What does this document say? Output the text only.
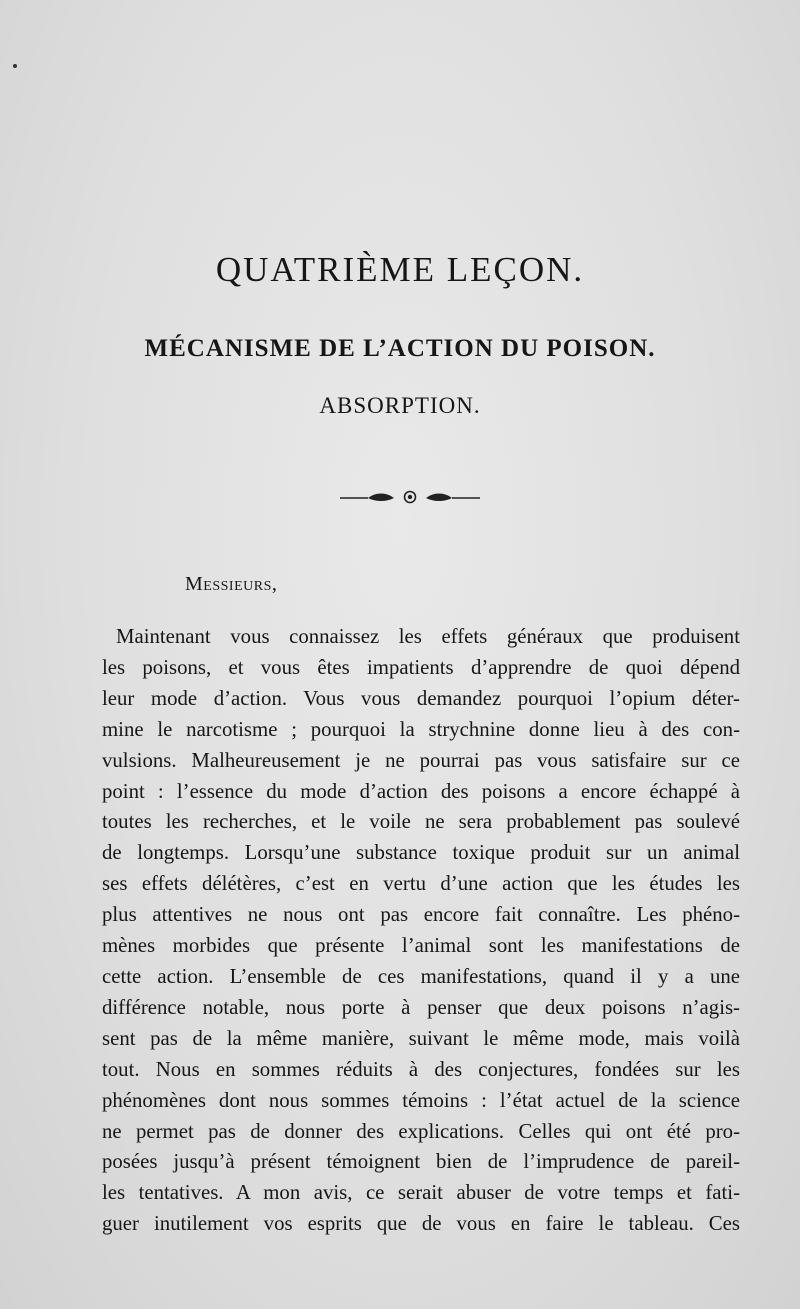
QUATRIÈME LEÇON.
MÉCANISME DE L’ACTION DU POISON.
ABSORPTION.
Messieurs,
Maintenant vous connaissez les effets généraux que produisent
les poisons, et vous êtes impatients d’apprendre de quoi dépend
leur mode d’action. Vous vous demandez pourquoi l’opium déter-
mine le narcotisme ; pourquoi la strychnine donne lieu à des con-
vulsions. Malheureusement je ne pourrai pas vous satisfaire sur ce
point : l’essence du mode d’action des poisons a encore échappé à
toutes les recherches, et le voile ne sera probablement pas soulevé
de longtemps. Lorsqu’une substance toxique produit sur un animal
ses effets délétères, c’est en vertu d’une action que les études les
plus attentives ne nous ont pas encore fait connaître. Les phéno-
mènes morbides que présente l’animal sont les manifestations de
cette action. L’ensemble de ces manifestations, quand il y a une
différence notable, nous porte à penser que deux poisons n’agis-
sent pas de la même manière, suivant le même mode, mais voilà
tout. Nous en sommes réduits à des conjectures, fondées sur les
phénomènes dont nous sommes témoins : l’état actuel de la science
ne permet pas de donner des explications. Celles qui ont été pro-
posées jusqu’à présent témoignent bien de l’imprudence de pareil-
les tentatives. A mon avis, ce serait abuser de votre temps et fati-
guer inutilement vos esprits que de vous en faire le tableau. Ces
